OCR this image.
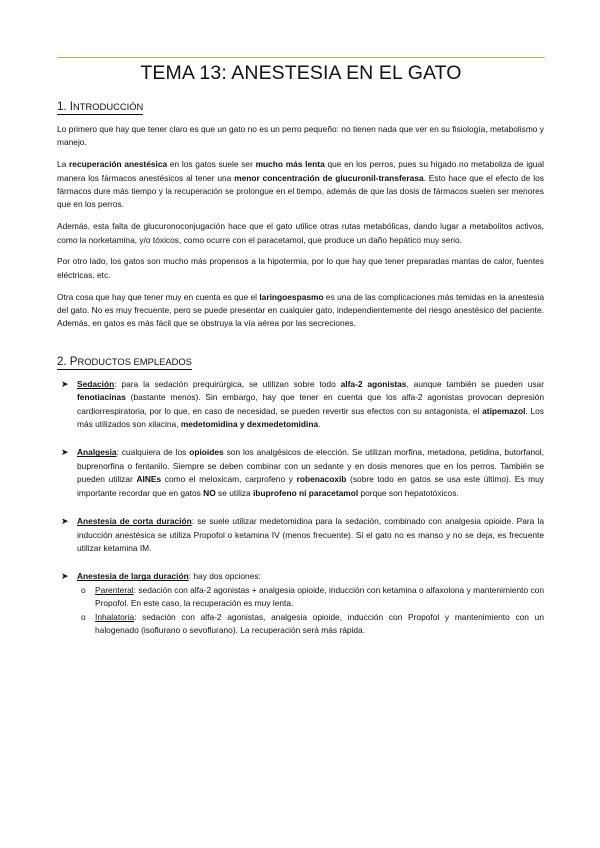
TEMA 13: ANESTESIA EN EL GATO
1. INTRODUCCIÓN

Lo primero que hay que tener claro es que un gato no es un perro pequeño: no tienen nada que ver en su fisiología, metabolismo y manejo.

La recuperación anestésica en los gatos suele ser mucho más lenta que en los perros, pues su hígado no metaboliza de igual manera los fármacos anestésicos al tener una menor concentración de glucuronil-transferasa. Esto hace que el efecto de los fármacos dure más tiempo y la recuperación se prolongue en el tiempo, además de que las dosis de fármacos suelen ser menores que en los perros.

Además, esta falta de glucuronoconjugación hace que el gato utilice otras rutas metabólicas, dando lugar a metabolitos activos, como la norketamina, y/o tóxicos, como ocurre con el paracetamol, que produce un daño hepático muy serio.

Por otro lado, los gatos son mucho más propensos a la hipotermia, por lo que hay que tener preparadas mantas de calor, fuentes eléctricas, etc.

Otra cosa que hay que tener muy en cuenta es que el laringoespasmo es una de las complicaciones más temidas en la anestesia del gato. No es muy frecuente, pero se puede presentar en cualquier gato, independientemente del riesgo anestésico del paciente. Además, en gatos es más fácil que se obstruya la vía aérea por las secreciones.

2. PRODUCTOS EMPLEADOS
➤ Sedación: para la sedación prequirúrgica, se utilizan sobre todo alfa-2 agonistas, aunque también se pueden usar fenotiacinas (bastante menos). Sin embargo, hay que tener en cuenta que los alfa-2 agonistas provocan depresión cardiorrespiratoria, por lo que, en caso de necesidad, se pueden revertir sus efectos con su antagonista, el atipemazol. Los más utilizados son xilacina, medetomidina y dexmedetomidina.
➤ Analgesia: cualquiera de los opioides son los analgésicos de elección. Se utilizan morfina, metadona, petidina, butorfanol, buprenorfina o fentanilo. Siempre se deben combinar con un sedante y en dosis menores que en los perros. También se pueden utilizar AINEs como el meloxicam, carprofeno y robenacoxib (sobre todo en gatos se usa este último). Es muy importante recordar que en gatos NO se utiliza ibuprofeno ni paracetamol porque son hepatotóxicos.
➤ Anestesia de corta duración: se suele utilizar medetomidina para la sedación, combinado con analgesia opioide. Para la inducción anestésica se utiliza Propofol o ketamina IV (menos frecuente). Si el gato no es manso y no se deja, es frecuente utilizar ketamina IM.
➤ Anestesia de larga duración: hay dos opciones:
o Parenteral: sedación con alfa-2 agonistas + analgesia opioide, inducción con ketamina o alfaxolona y mantenimiento con Propofol. En este caso, la recuperación es muy lenta.
o Inhalatoria: sedación con alfa-2 agonistas, analgesia opioide, inducción con Propofol y mantenimiento con un halogenado (isoflurano o sevoflurano). La recuperación será más rápida.
